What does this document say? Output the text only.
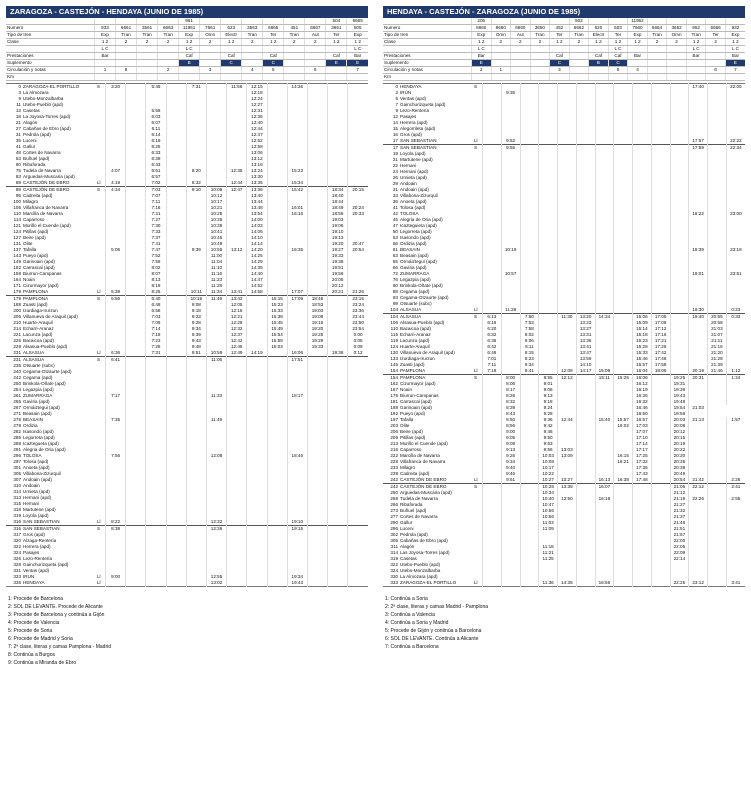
ZARAGOZA - CASTEJÓN - HENDAYA (JUNIO DE 1985)
					951							504	6665
Numero	933	6661	3561	6663	11951	7661	623	3563	6665	451	6667	3661	505
Tipo de tren	Exp	Tran	Tran	Tran	Exp	Omn	Electr	Tran	Ter	Tran	Aut	Ter	Exp
Clase	1 2	2	2	2	1 2	2	1 2	2	1 2	2	2	1 2	1 2
	L C				L C								L C
Prestaciones	Bar				Caf		Caf		Caf			Caf	Bar
Suplemento					B		C		C			E	E
Circulación y notas	1	8		2		3		4	5		6		7
Km													
0	ZARAGOZA-EL PORTILLO	S	3:20		5:45		7:31		11:56	12:15		14:36			
3	La Almozara									12:18					
9	Utebo-Monzalbarba									12:24					
11	Utebo-Pueblo (apd)									12:27					
13	Casetas				5:58					12:31					
18	La Joyosa-Torres (apd)				6:03					12:36					
21	Alagón				6:07					12:40					
27	Cabañas de Ebro (apd)				6:11					12:44					
31	Pedrola (apd)				6:14					12:47					
35	Luceni				6:19					12:52					
41	Gallur				6:25					12:58					
48	Cortes de Navarra				6:33					13:06					
53	Buñuel (apd)				6:39					13:12					
60	Ribaforada				6:43					13:16					
75	Tudela de Navarra		4:07		6:51		8:20		12:35	13:24		15:23			
83	Arguedas-Muscaria (apd)				6:57					13:30					
89	CASTEJÓN DE EBRO	Ll	4:19		7:02		8:32		12:44	13:35		15:34			
89	CASTEJÓN DE EBRO	S	4:34		7:03		9:10	10:08	12:47	13:36		15:42		18:34	20:15
95	Cadreita (apd)				7:07			10:12		13:40				18:40	
100	Milagro				7:11			10:17		13:44				18:44	
105	Villafranca de Navarra				7:16			10:21		13:48		16:01		18:49	20:24
110	Marcilla de Navarra				7:21			10:28		13:54		16:16		18:56	20:33
114	Caparroso				7:27			10:35		14:00				19:03	
121	Murillo el Cuende (apd)				7:30			10:38		14:03				19:06	
124	Pitillas (apd)				7:33			10:41		14:06				19:10	
127	Beire (apd)				7:37			10:45		14:10				19:13	
131	Olite				7:41			10:49		14:14				19:20	20:47
137	Tafalla		5:06		7:47		9:39	10:55	13:12	14:20		16:35		19:27	20:54
143	Pueyo (apd)				7:52			11:00		14:25				19:33	
149	Garinoain (apd)				7:56			11:04		14:29				19:38	
152	Carrascal (apd)				8:02			11:10		14:35				19:51	
158	Biurrun-Campanas				8:07			11:16		14:40				19:56	
164	Noain				8:13			11:23		14:47				20:05	
171	Cizurmayor (apd)				8:19			11:28		14:52				20:12	
179	PAMPLONA	Ll	5:38		8:25		10:11	11:34	13:41	14:58		17:07		20:21	21:26
179	PAMPLONA	S	5:56		6:40		10:19	11:49	13:43		15:15	17:09	18:45		23:15
188	Zuasti (apd)				6:48		9:08		12:05		15:23		18:53		23:24
200	Izurdiaga-Irurzun				6:58		9:18		12:16		15:33		19:03		23:36
205	Villanueva de Araquil (apd)				7:03		9:23		12:21		15:38		19:08		23:44
210	Huarte-Araquil				7:08		9:28		12:28		15:45		19:15		23:50
214	Echarri-Aranaz				7:14		9:34		12:32		15:49		19:20		23:54
221	Lacunza (apd)				7:19		9:39		12:37		15:54		19:25		0:00
226	Bacaicoa (apd)				7:23		9:43		12:42		15:59		19:29		0:05
229	Alsasua-Pueblo (apd)				7:28		9:48		12:46		16:03		19:33		0:09
231	ALSASUA	Ll	6:36		7:31		9:51	10:59	12:49	14:19		16:06		19:36	0:12
231	ALSASUA	S	6:41					11:05				17:51			
235	Otsuarte (subc)														
240	Cegama-Otzaurte (apd)														
242	Cegama (apd)														
250	Brinkola-Oñate (apd)														
254	Legazpia (apd)														
261	ZUMARRAGA		7:17					11:33				18:17			
265	Gaviria (apd)														
267	Ormáiztegui (apd)														
271	Beasain (apd)														
275	BEASAIN		7:35					11:49							
279	Ordizia														
282	Isasondo (apd)														
285	Legorreta (apd)														
288	Icaztegueta (apd)														
291	Alegria de Oria (apd)														
295	TOLOSA		7:56					12:08				18:46			
297	Tolosa (apd)														
301	Anoeta (apd)														
305	Villabona-Zizurquil														
307	Andoain (apd)														
310	Andoain														
314	Urnieta (apd)														
313	Hernani (apd)														
315	Hernani														
318	Martutene (apd)														
319	Loyola (apd)														
316	SAN SEBASTIAN	Ll	8:22					12:32				19:10			
316	SAN SEBASTIAN	S	8:38					12:36				19:15			
317	Gros (apd)														
320	Alzaga-Rentería														
322	Herrera (apd)														
324	Pasajes														
326	Lezo-Rentería														
328	Gainchurizqueta (apd)														
331	Ventas (apd)														
333	IRUN	Ll	9:00					12:55				19:34			
335	HENDAYA	Ll						13:02				19:43			
1: Procede de Barcelona
2: SOL DE LEVANTE. Procede de Alicante
3: Procede de Barcelona y continúa a Gijón
4: Procede de Valencia
5: Procede de Soria
6: Procede de Madrid y Soria
7: 2ª clase, literas y camas Pamplona - Madrid
8: Continúa a Burgos
9: Continúa a Miranda de Ebro
HENDAYA - CASTEJÓN - ZARAGOZA (JUNIO DE 1985)
	205					502			11952					
Numero	8660	8660	6660	3650	452	6662	620	503	7660	6664	3652	952	6666	932
Tipo de tren	Exp	Omn	Aut	Tran	Ter	Tran	Electr	Ter	Exp	Tran	Omn	Tran	Ter	Exp
Clase	1 2	2	2	2	1 2	2	1 2	1 2	1 2	2	2	1 2	2	1 2
	L C							L C				L C		L C
Prestaciones	Bar				Caf		Caf	Caf	Bar			Bar		Bar
Suplemento	E				C		B	C						E
Circulación y notas	2	1			3			5	4				6	7
Km														
0	HENDAYA	S												17:40		22:05
2	IRÚN			9:35												
5	Ventas (apd)															
7	Gainchurizqueta (apd)															
9	Lezo-Rentería															
12	Pasajes															
14	Herrera (apd)															
15	Alegorrileta (apd)															
16	Gros (apd)															
17	SAN SEBASTIAN	Ll		9:52										17:57		22:22
17	SAN SEBASTIAN	S		9:55										17:59		22:34
19	Loyola (apd)															
21	Martutene (apd)															
22	Hernani															
24	Hernani (apd)															
26	Urnieta (apd)															
29	Andoain															
31	Andoain (apd)															
33	Villabona-Zizurquil															
36	Anoeta (apd)															
41	Tolosa (apd)															
42	TOLOSA													18:22		23:00
45	Alegria de Oria (apd)															
47	Icazteguieta (apd)															
50	Legorreta (apd)															
53	Isasondo (apd)															
56	Ordizia (apd)															
61	BEASAIN			10:19										18:39		23:18
63	Beasain (apd)															
65	Ormáiztegui (apd)															
66	Gaviria (apd)															
72	ZUMARRAGA			10:57										19:01		23:51
76	Legazpia (apd)															
80	Brinkola-Oñate (apd)															
88	Cegama (apd)															
93	Cegama-Otzaurte (apd)															
99	Otsuarte (subc)															
104	ALSASUA	Ll		11:28										19:30		0:23
104	ALSASUA	S	6:13		7:50		11:30	13:20	14:34		15:06	17:05		19:40	20:55	0:33
106	Alsasua-Pueblo (apd)		6:16		7:53			13:23			15:09	17:08			20:58	
110	Bacaicoa (apd)		6:20		7:58			13:27			15:14	17:12			21:03	
115	Echarri-Aranaz		6:32		8:02			13:31			15:18	17:16			21:07	
119	Lacunza (apd)		6:36		8:06			13:36			15:23	17:21			21:11	
124	Huarte-Araquil		6:42		8:11			13:41			15:28	17:26			21:16	
130	Villanueva de Araquil (apd)		6:46		8:15			13:47			15:33	17:42			21:20	
133	Izurdiaga-Irurzun		7:01		8:23			13:59			15:46	17:48			21:28	
145	Zuasti (apd)		7:11		8:34			14:10			15:57	17:58			21:39	
154	PAMPLONA	Ll	7:19		8:41		12:08	14:17	15:09		16:04	18:06		20:19	21:46	1:12
154	PAMPLONA	S		8:00		8:55	12:12		15:11	15:25	16:06		19:25	20:31		1:24
162	Cizurmayor (apd)			8:06		9:01					16:12		19:31			
167	Noain			8:17		9:06					16:19		19:36			
176	Biurrun-Campanas			8:26		9:13					16:26		19:43			
181	Carrascal (apd)			8:32		9:18					16:32		19:48			
188	Garinoain (apd)			8:39		9:24					16:46		19:54	21:03		
192	Pueyo (apd)			8:43		9:28					16:50		19:58			
197	Tafalla			8:50		9:36	12:44		15:40	15:57	16:57		20:03	21:13		1:57
203	Olite			8:56		9:42				16:02	17:03		20:08			
206	Beire (apd)			9:00		9:46					17:07		20:12			
209	Pitillas (apd)			9:05		9:50					17:10		20:15			
213	Murillo el Cuende (apd)			9:09		9:53					17:14		20:19			
216	Caparroso			9:13		9:56	13:03				17:17		20:22			
222	Marcilla de Navarra			9:26		10:03	13:09			16:15	17:25		20:30			
228	Villafranca de Navarra			9:34		10:08				16:21	17:32		20:35			
233	Milagro			9:40		10:17					17:36		20:39			
238	Cadreita (apd)			9:46		10:22					17:43		20:49			
242	CASTEJÓN DE EBRO	Ll		9:51		10:27	13:27		16:13	16:38	17:48		20:54	21:42		2:26
242	CASTEJÓN DE EBRO	S				10:28	13:38		16:07				21:06	22:12		2:41
250	Arguedas-Muscária (apd)					10:34							21:12			
258	Tudela de Navarra					10:40	13:50		16:18				21:19	22:26		2:55
266	Ribaforada					10:47							21:27			
273	Buñuel (apd)					10:56							21:32			
277	Cortes de Navarra					10:56							21:37			
290	Gallur					11:03							21:46			
296	Luceni					11:09							21:51			
302	Pedrola (apd)												21:57			
305	Cabañas de Ebro (apd)												22:00			
311	Alagón					11:18							22:05			
314	Las Joyosa-Torres (apd)					11:21							22:09			
319	Casetas					11:25							22:14			
322	Utebo-Pueblo (apd)															
324	Utebo-Monzalbarba															
330	La Almozara (apd)															
333	ZARAGOZA-EL PORTILLO	Ll				11:36	14:35		16:56				22:25	23:12		3:41
1: Continúa a Soria
2: 2ª clase, literas y camas Madrid - Pamplona
3: Continúa a Valencia
4: Continúa a Soria y Madrid
5: Procede de Gijón y continúa a Barcelona
6: SOL DE LEVANTE. Continúa a Alicante
7: Continúa a Barcelona
